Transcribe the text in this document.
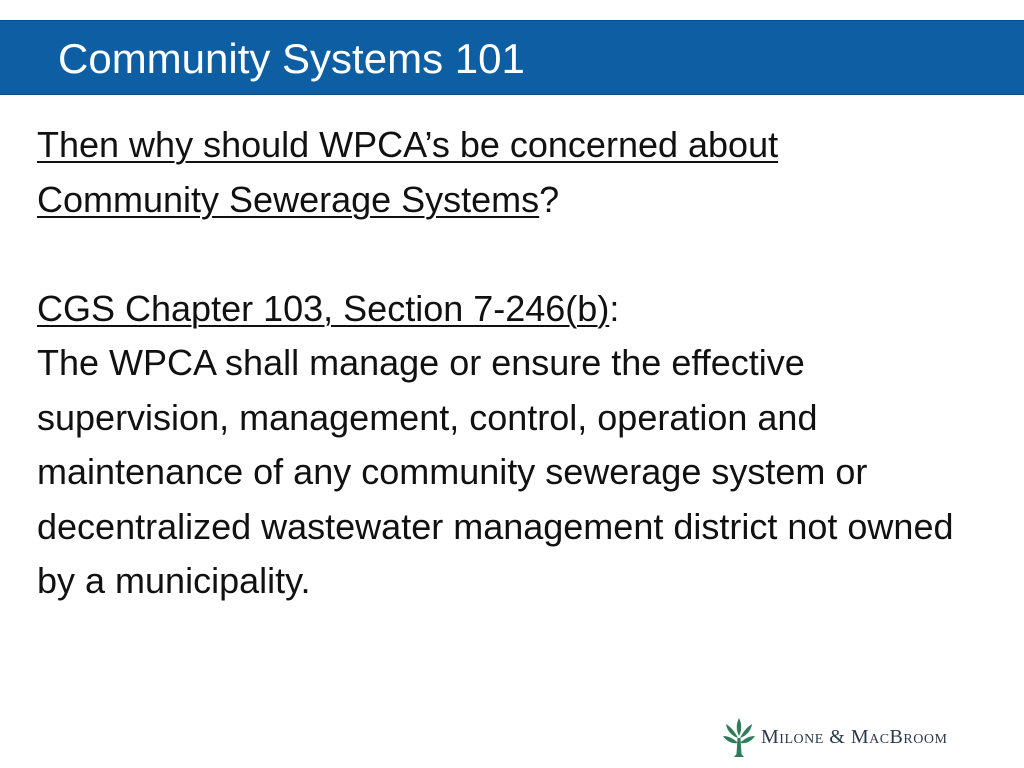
Community Systems 101

Then why should WPCA’s be concerned about

Community Sewerage Systems?

CGS Chapter 103, Section 7-246(b):

The WPCA shall manage or ensure the effective supervision, management, control, operation and maintenance of any community sewerage system or decentralized wastewater management district not owned by a municipality.

Milone & MacBroom
